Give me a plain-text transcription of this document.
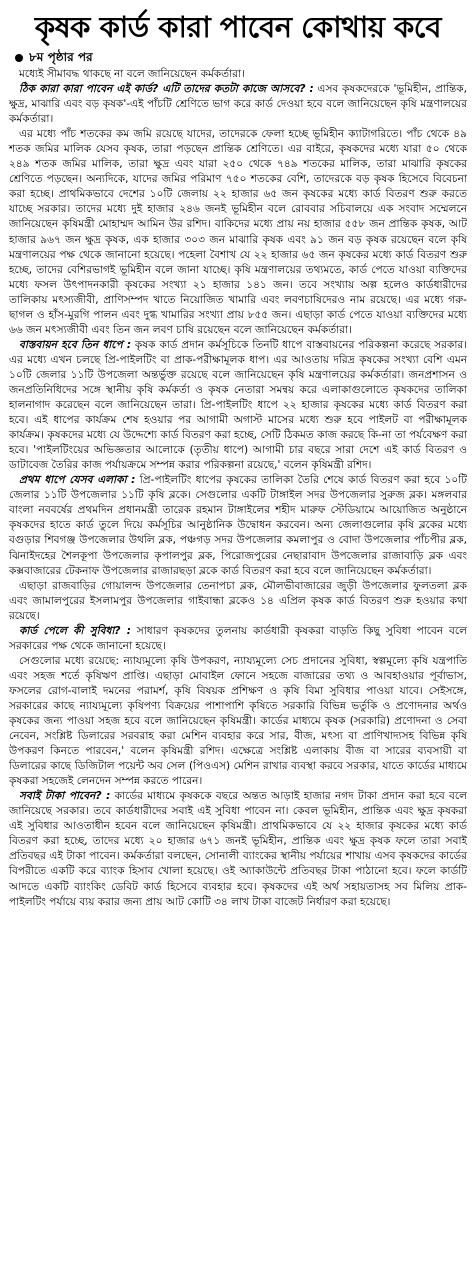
কৃষক কার্ড কারা পাবেন কোথায় কবে
৮ম পৃষ্ঠার পর

মধ্যেই সীমাবদ্ধ থাকছে না বলে জানিয়েছেন কর্মকর্তারা।

ঠিক কারা কারা পাবেন এই কার্ড? এটি তাদের কতটা কাজে আসবে? : এসব কৃষকদেরকে 'ভূমিহীন, প্রান্তিক, ক্ষুদ্র, মাঝারি এবং বড় কৃষক'-এই পাঁচটি শ্রেণিতে ভাগ করে কার্ড দেওয়া হবে বলে জানিয়েছেন কৃষি মন্ত্রণালয়ের কর্মকর্তারা।

এর মধ্যে পাঁচ শতকের কম জমি রয়েছে যাদের, তাদেরকে ফেলা হচ্ছে ভূমিহীন ক্যাটাগরিতে। পাঁচ থেকে ৪৯ শতক জমির মালিক যেসব কৃষক, তারা পড়ছেন প্রান্তিক শ্রেণিতে। এর বাইরে, কৃষকদের মধ্যে যারা ৫০ থেকে ২৪৯ শতক জমির মালিক, তারা ক্ষুদ্র এবং যারা ২৫০ থেকে ৭৪৯ শতকের মালিক, তারা মাঝারি কৃষকের শ্রেণিতে পড়ছেন। অন্যদিকে, যাদের জমির পরিমাণ ৭৫০ শতকের বেশি, তাদেরকে বড় কৃষক হিসেবে বিবেচনা করা হচ্ছে। প্রাথমিকভাবে দেশের ১০টি জেলায় ২২ হাজার ৬৫ জন কৃষকের মধ্যে কার্ড বিতরণ শুরু করতে যাচ্ছে সরকার। তাদের মধ্যে দুই হাজার ২৪৬ জনই ভূমিহীন বলে রোববার সচিবালয়ে এক সংবাদ সম্মেলনে জানিয়েছেন কৃষিমন্ত্রী মোহাম্মদ আমিন উর রশিদ। বাকিদের মধ্যে প্রায় নয় হাজার ৫৫৮ জন প্রান্তিক কৃষক, আট হাজার ৯৬৭ জন ক্ষুদ্র কৃষক, এক হাজার ৩০৩ জন মাঝারি কৃষক এবং ৯১ জন বড় কৃষক রয়েছেন বলে কৃষি মন্ত্রণালয়ের পক্ষ থেকে জানানো হয়েছে। পহেলা বৈশাখ যে ২২ হাজার ৬৫ জন কৃষকের মধ্যে কার্ড বিতরণ শুরু হচ্ছে, তাদের বেশিরভাগই ভূমিহীন বলে জানা যাচ্ছে। কৃষি মন্ত্রণালয়ের তথ্যমতে, কার্ড পেতে যাওয়া ব্যক্তিদের মধ্যে ফসল উৎপাদনকারী কৃষকের সংখ্যা ২১ হাজার ১৪১ জন। তবে সংখ্যায় অল্প হলেও কার্ডধারীদের তালিকায় মৎস্যজীবী, প্রাণিসম্পদ খাতে নিয়োজিত খামারি এবং লবণচাষিদেরও নাম রয়েছে। এর মধ্যে গরু-ছাগল ও হাঁস-মুরগি পালন এবং দুগ্ধ খামারির সংখ্যা প্রায় ৮৫৫ জন। এছাড়া কার্ড পেতে যাওয়া ব্যক্তিদের মধ্যে ৬৬ জন মৎস্যজীবী এবং তিন জন লবণ চাষি রয়েছেন বলে জানিয়েছেন কর্মকর্তারা।

বাস্তবায়ন হবে তিন ধাপে : কৃষক কার্ড প্রদান কর্মসূচিকে তিনটি ধাপে বাস্তবায়নের পরিকল্পনা করেছে সরকার। এর মধ্যে এখন চলছে প্রি-পাইলটিং বা প্রাক-পরীক্ষামূলক ধাপ। এর আওতায় দরিদ্র কৃষকের সংখ্যা বেশি এমন ১০টি জেলার ১১টি উপজেলা অন্তর্ভুক্ত রয়েছে বলে জানিয়েছেন কৃষি মন্ত্রণালয়ের কর্মকর্তারা। জনপ্রশাসন ও জনপ্রতিনিধিদের সঙ্গে স্থানীয় কৃষি কর্মকর্তা ও কৃষক নেতারা সমন্বয় করে এলাকাগুলোতে কৃষকদের তালিকা হালনাগাদ করেছেন বলে জানিয়েছেন তারা। প্রি-পাইলটিং ধাপে ২২ হাজার কৃষকের মধ্যে কার্ড বিতরণ করা হবে। এই ধাপের কার্যক্রম শেষ হওয়ার পর আগামী অগাস্ট মাসের মধ্যে শুরু হবে পাইলট বা পরীক্ষামূলক কার্যক্রম। কৃষকদের মধ্যে যে উদ্দেশ্যে কার্ড বিতরণ করা হচ্ছে, সেটি ঠিকমত কাজ করছে কি-না তা পর্যবেক্ষণ করা হবে। 'পাইলটিংয়ের অভিজ্ঞতার আলোকে (তৃতীয় ধাপে) আগামী চার বছরে সারা দেশে এই কার্ড বিতরণ ও ডাটাবেজ তৈরির কাজ পর্যায়ক্রমে সম্পন্ন করার পরিকল্পনা রয়েছে,' বলেন কৃষিমন্ত্রী রশিদ।

প্রথম ধাপে যেসব এলাকা : প্রি-পাইলটিং ধাপের কৃষকের তালিকা তৈরি শেষে কার্ড বিতরণ করা হবে ১০টি জেলার ১১টি উপজেলার ১১টি কৃষি ব্লকে। সেগুলোর একটি টাঙ্গাইল সদর উপজেলার সুরুজ ব্লক। মঙ্গলবার বাংলা নববর্ষের প্রথমদিন প্রধানমন্ত্রী তারেক রহমান টাঙ্গাইলের শহীদ মারুফ স্টেডিয়ামে আয়োজিত অনুষ্ঠানে কৃষকদের হাতে কার্ড তুলে দিয়ে কর্মসূচির আনুষ্ঠানিক উদ্বোধন করবেন। অন্য জেলাগুলোর কৃষি ব্লকের মধ্যে বগুড়ার শিবগঞ্জ উপজেলার উথলি ব্লক, পঞ্চগড় সদর উপজেলার কমলাপুর ও বোদা উপজেলার পাঁচপীর ব্লক, ঝিনাইদহের শৈলকূপা উপজেলার কৃপালপুর ব্লক, পিরোজপুরের নেছারাবাদ উপজেলার রাজাবাড়ি ব্লক এবং কক্সবাজারের টেকনাফ উপজেলার রাজারছড়া ব্লকে কার্ড বিতরণ করা হবে বলে জানিয়েছেন কর্মকর্তারা।

এছাড়া রাজবাড়ির গোয়ালন্দ উপজেলার তেনাপচা ব্লক, মৌলভীবাজারের জুড়ী উপজেলার ফুলতলা ব্লক এবং জামালপুরের ইসলামপুর উপজেলার গাইবান্ধা ব্লকেও ১৪ এপ্রিল কৃষক কার্ড বিতরণ শুরু হওয়ার কথা রয়েছে।

কার্ড পেলে কী সুবিধা? : সাধারণ কৃষকদের তুলনায় কার্ডধারী কৃষকরা বাড়তি কিছু সুবিধা পাবেন বলে সরকারের পক্ষ থেকে জানানো হয়েছে।

সেগুলোর মধ্যে রয়েছে: ন্যায্যমূল্যে কৃষি উপকরণ, ন্যায্যমূল্যে সেচ প্রদানের সুবিধা, স্বল্পমূল্যে কৃষি যন্ত্রপাতি এবং সহজ শর্তে কৃষিঋণ প্রাপ্তি। এছাড়া মোবাইল ফোনে সহজে বাজারের তথ্য ও আবহাওয়ার পূর্বাভাস, ফসলের রোগ-বালাই দমনের পরামর্শ, কৃষি বিষয়ক প্রশিক্ষণ ও কৃষি বিমা সুবিধার পাওয়া যাবে। সেইসঙ্গে, সরকারের কাছে ন্যায্যমূল্যে কৃষিপণ্য বিক্রয়ের পাশাপাশি কৃষিতে সরকারি বিভিন্ন ভর্তুকি ও প্রণোদনার অর্থও কৃষকের জন্য পাওয়া সহজ হবে বলে জানিয়েছেন কৃষিমন্ত্রী। কার্ডের মাধ্যমে কৃষক (সরকারি) প্রণোদনা ও সেবা নেবেন, সংশ্লিষ্ট ডিলারের সরবরাহ করা মেশিন ব্যবহার করে সার, বীজ, মৎস্য বা প্রাণিখাদ্যসহ বিভিন্ন কৃষি উপকরণ কিনতে পারবেন,' বলেন কৃষিমন্ত্রী রশিদ। এক্ষেত্রে সংশ্লিষ্ট এলাকায় বীজ বা সারের ব্যবসায়ী বা ডিলারের কাছে ডিজিটাল পয়েন্ট অব সেল (পিওএস) মেশিন রাখার ব্যবস্থা করবে সরকার, যাতে কার্ডের মাধ্যমে কৃষকরা সহজেই লেনদেন সম্পন্ন করতে পারেন।

সবাই টাকা পাবেন? : কার্ডের মাধ্যমে কৃষককে বছরে অন্তত আড়াই হাজার নগদ টাকা প্রদান করা হবে বলে জানিয়েছে সরকার। তবে কার্ডধারীদের সবাই এই সুবিধা পাবেন না। কেবল ভূমিহীন, প্রান্তিক এবং ক্ষুদ্র কৃষকরা এই সুবিধার আওতাধীন হবেন বলে জানিয়েছেন কৃষিমন্ত্রী। প্রাথমিকভাবে যে ২২ হাজার কৃষকের মধ্যে কার্ড বিতরণ করা হচ্ছে, তাদের মধ্যে ২০ হাজার ৬৭১ জনই ভূমিহীন, প্রান্তিক এবং ক্ষুদ্র কৃষক ফলে তারা সবাই প্রতিবছর এই টাকা পাবেন। কর্মকর্তারা বলছেন, সোনালী ব্যাংকের স্থানীয় পর্যায়ের শাখায় এসব কৃষকদের কার্ডের বিপরীতে একটি করে ব্যাংক হিসাব খোলা হয়েছে। ওই অ্যাকাউন্টে প্রতিবছর টাকা পাঠানো হবে। ফলে কার্ডটি আদতে একটি ব্যাংকিং ডেবিট কার্ড হিসেবে ব্যবহার হবে। কৃষকদের এই অর্থ সহায়তাসহ সব মিলিয় প্রাক-পাইলটিং পর্যায়ে ব্যয় করার জন্য প্রায় আট কোটি ৩৪ লাখ টাকা বাজেট নির্ধারণ করা হয়েছে।
